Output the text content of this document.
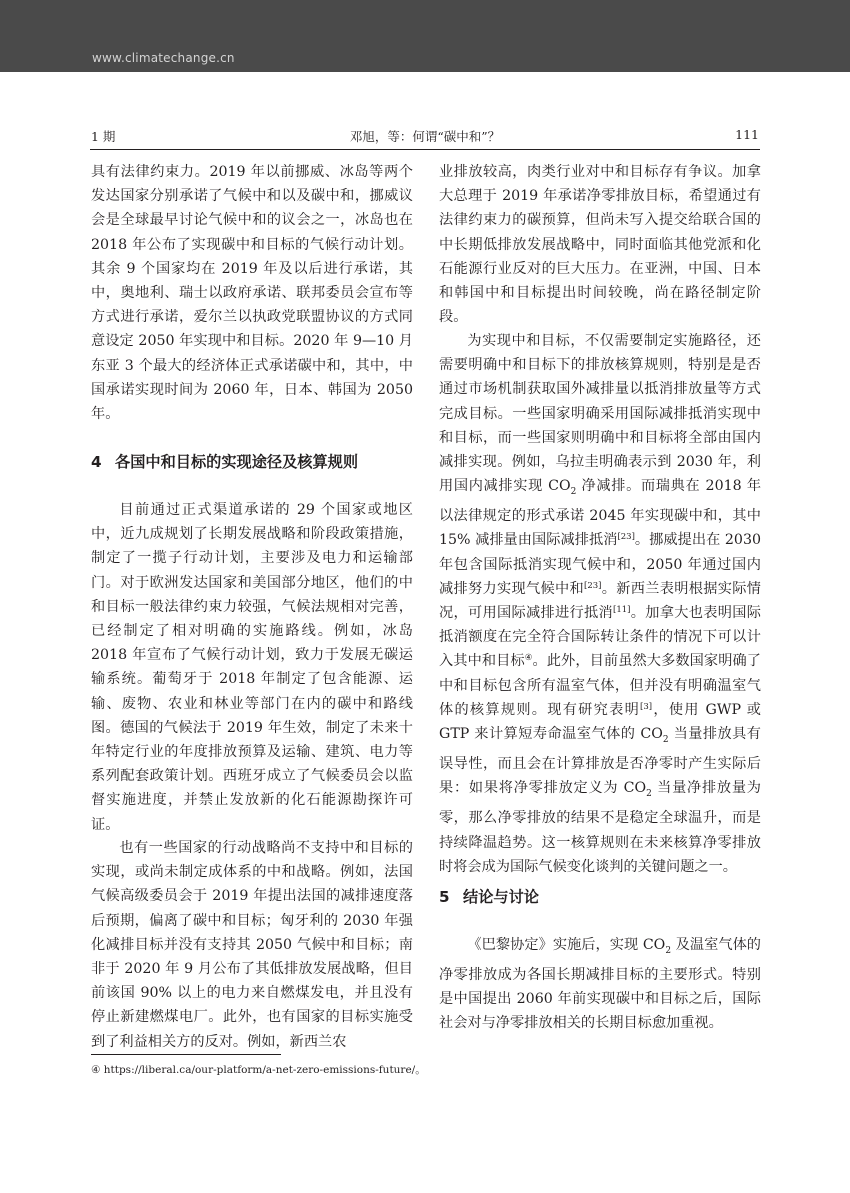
www.climatechange.cn
1 期	邓旭，等：何谓“碳中和”？	111

具有法律约束力。2019 年以前挪威、冰岛等两个发达国家分别承诺了气候中和以及碳中和，挪威议会是全球最早讨论气候中和的议会之一，冰岛也在 2018 年公布了实现碳中和目标的气候行动计划。其余 9 个国家均在 2019 年及以后进行承诺，其中，奥地利、瑞士以政府承诺、联邦委员会宣布等方式进行承诺，爱尔兰以执政党联盟协议的方式同意设定 2050 年实现中和目标。2020 年 9—10 月东亚 3 个最大的经济体正式承诺碳中和，其中，中国承诺实现时间为 2060 年，日本、韩国为 2050 年。

4 各国中和目标的实现途径及核算规则

目前通过正式渠道承诺的 29 个国家或地区中，近九成规划了长期发展战略和阶段政策措施，制定了一揽子行动计划，主要涉及电力和运输部门。对于欧洲发达国家和美国部分地区，他们的中和目标一般法律约束力较强，气候法规相对完善，已经制定了相对明确的实施路线。例如，冰岛 2018 年宣布了气候行动计划，致力于发展无碳运输系统。葡萄牙于 2018 年制定了包含能源、运输、废物、农业和林业等部门在内的碳中和路线图。德国的气候法于 2019 年生效，制定了未来十年特定行业的年度排放预算及运输、建筑、电力等系列配套政策计划。西班牙成立了气候委员会以监督实施进度，并禁止发放新的化石能源勘探许可证。

也有一些国家的行动战略尚不支持中和目标的实现，或尚未制定成体系的中和战略。例如，法国气候高级委员会于 2019 年提出法国的减排速度落后预期，偏离了碳中和目标；匈牙利的 2030 年强化减排目标并没有支持其 2050 气候中和目标；南非于 2020 年 9 月公布了其低排放发展战略，但目前该国 90% 以上的电力来自燃煤发电，并且没有停止新建燃煤电厂。此外，也有国家的目标实施受到了利益相关方的反对。例如，新西兰农

业排放较高，肉类行业对中和目标存有争议。加拿大总理于 2019 年承诺净零排放目标，希望通过有法律约束力的碳预算，但尚未写入提交给联合国的中长期低排放发展战略中，同时面临其他党派和化石能源行业反对的巨大压力。在亚洲，中国、日本和韩国中和目标提出时间较晚，尚在路径制定阶段。

为实现中和目标，不仅需要制定实施路径，还需要明确中和目标下的排放核算规则，特别是是否通过市场机制获取国外减排量以抵消排放量等方式完成目标。一些国家明确采用国际减排抵消实现中和目标，而一些国家则明确中和目标将全部由国内减排实现。例如，乌拉圭明确表示到 2030 年，利用国内减排实现 $CO_2$ 净减排。而瑞典在 2018 年以法律规定的形式承诺 2045 年实现碳中和，其中 15% 减排量由国际减排抵消[23]。挪威提出在 2030 年包含国际抵消实现气候中和，2050 年通过国内减排努力实现气候中和[23]。新西兰表明根据实际情况，可用国际减排进行抵消[11]。加拿大也表明国际抵消额度在完全符合国际转让条件的情况下可以计入其中和目标④。此外，目前虽然大多数国家明确了中和目标包含所有温室气体，但并没有明确温室气体的核算规则。现有研究表明[3]，使用 GWP 或 GTP 来计算短寿命温室气体的 $CO_2$ 当量排放具有误导性，而且会在计算排放是否净零时产生实际后果：如果将净零排放定义为 $CO_2$ 当量净排放量为零，那么净零排放的结果不是稳定全球温升，而是持续降温趋势。这一核算规则在未来核算净零排放时将会成为国际气候变化谈判的关键问题之一。

5 结论与讨论

《巴黎协定》实施后，实现 $CO_2$ 及温室气体的净零排放成为各国长期减排目标的主要形式。特别是中国提出 2060 年前实现碳中和目标之后，国际社会对与净零排放相关的长期目标愈加重视。

④ https://liberal.ca/our-platform/a-net-zero-emissions-future/。
